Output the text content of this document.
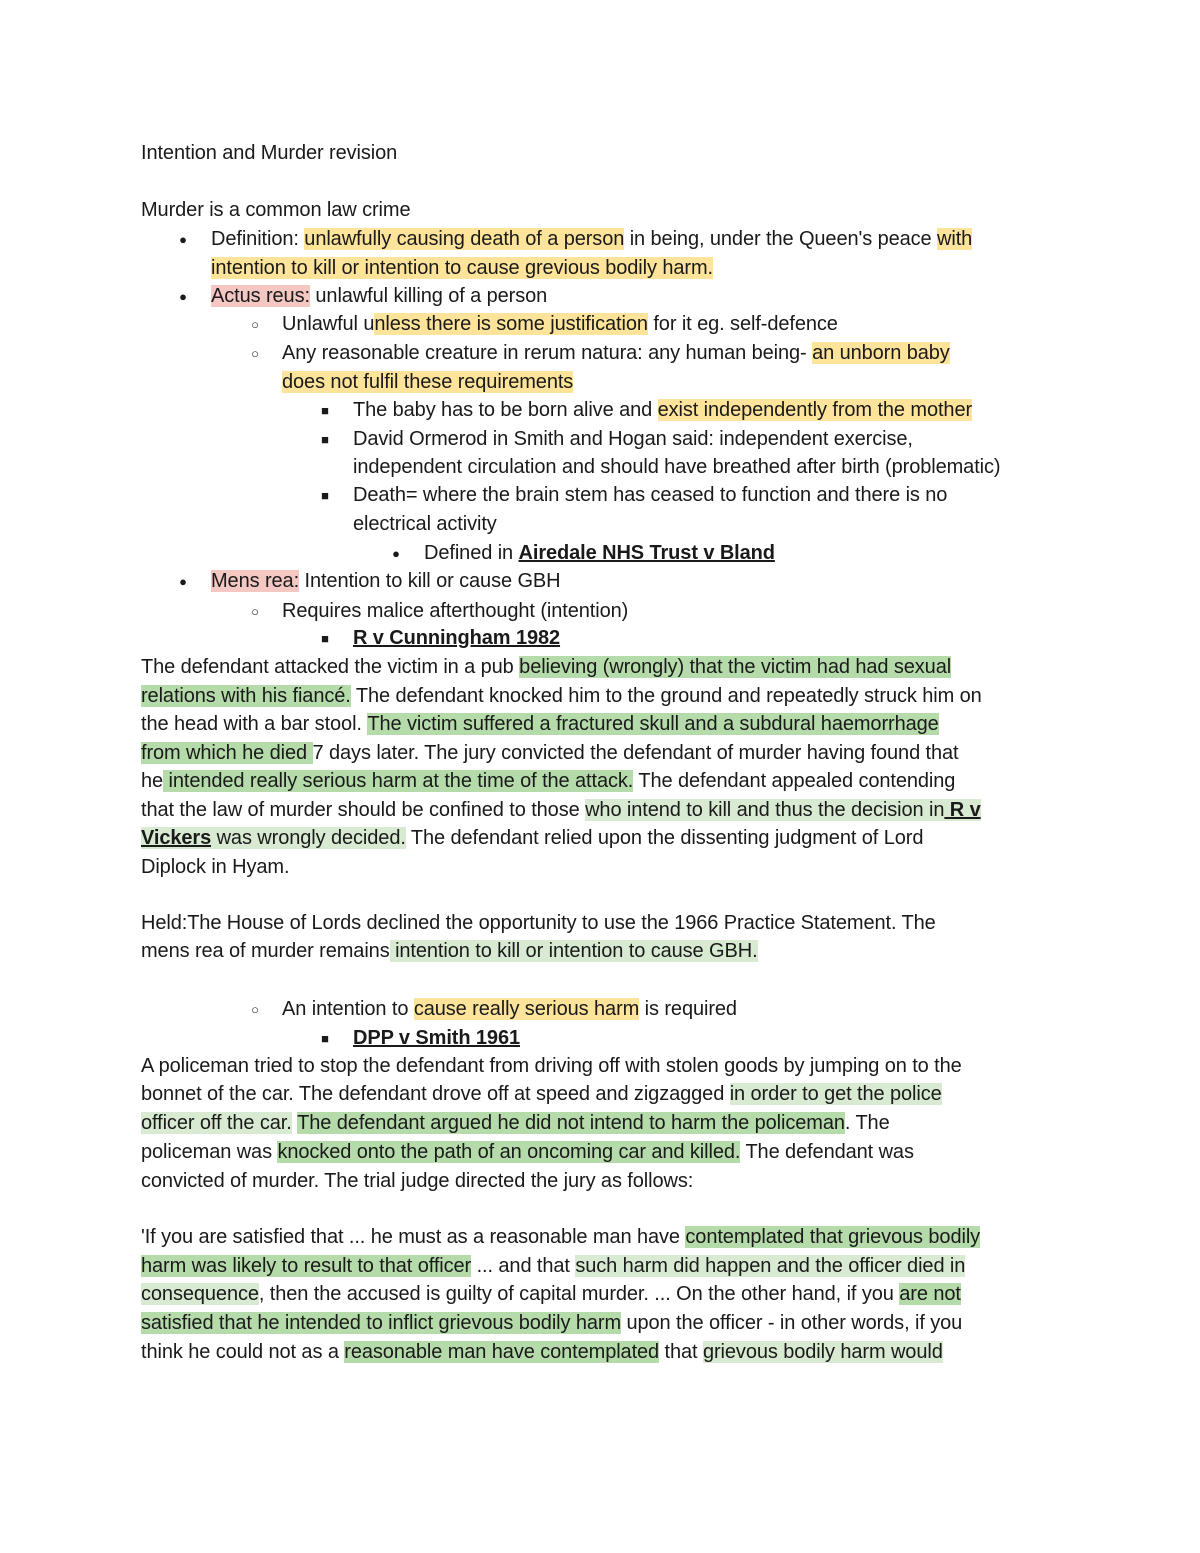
Intention and Murder revision
Murder is a common law crime
●	Definition: unlawfully causing death of a person in being, under the Queen's peace with
intention to kill or intention to cause grevious bodily harm.
●	Actus reus: unlawful killing of a person
○	Unlawful unless there is some justification for it eg. self-defence
○	Any reasonable creature in rerum natura: any human being- an unborn baby
does not fulfil these requirements
■	The baby has to be born alive and exist independently from the mother
■	David Ormerod in Smith and Hogan said: independent exercise,
independent circulation and should have breathed after birth (problematic)
■	Death= where the brain stem has ceased to function and there is no
electrical activity
●	Defined in Airedale NHS Trust v Bland
●	Mens rea: Intention to kill or cause GBH
○	Requires malice afterthought (intention)
■	R v Cunningham 1982
The defendant attacked the victim in a pub believing (wrongly) that the victim had had sexual
relations with his fiancé. The defendant knocked him to the ground and repeatedly struck him on
the head with a bar stool. The victim suffered a fractured skull and a subdural haemorrhage
from which he died 7 days later. The jury convicted the defendant of murder having found that
he intended really serious harm at the time of the attack. The defendant appealed contending
that the law of murder should be confined to those who intend to kill and thus the decision in R v
Vickers was wrongly decided. The defendant relied upon the dissenting judgment of Lord
Diplock in Hyam.
Held:The House of Lords declined the opportunity to use the 1966 Practice Statement. The
mens rea of murder remains intention to kill or intention to cause GBH.
○	An intention to cause really serious harm is required
■	DPP v Smith 1961
A policeman tried to stop the defendant from driving off with stolen goods by jumping on to the
bonnet of the car. The defendant drove off at speed and zigzagged in order to get the police
officer off the car. The defendant argued he did not intend to harm the policeman. The
policeman was knocked onto the path of an oncoming car and killed. The defendant was
convicted of murder. The trial judge directed the jury as follows:
'If you are satisfied that ... he must as a reasonable man have contemplated that grievous bodily
harm was likely to result to that officer ... and that such harm did happen and the officer died in
consequence, then the accused is guilty of capital murder. ... On the other hand, if you are not
satisfied that he intended to inflict grievous bodily harm upon the officer - in other words, if you
think he could not as a reasonable man have contemplated that grievous bodily harm would
